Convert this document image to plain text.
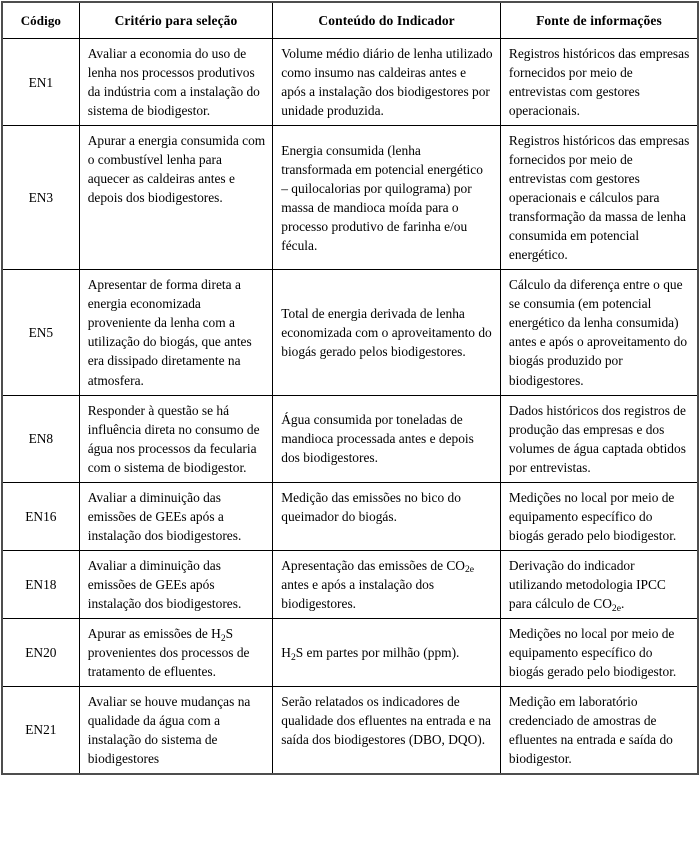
Código	Critério para seleção	Conteúdo do Indicador	Fonte de informações
EN1	Avaliar a economia do uso de lenha nos processos produtivos da indústria com a instalação do sistema de biodigestor.	Volume médio diário de lenha utilizado como insumo nas caldeiras antes e após a instalação dos biodigestores por unidade produzida.	Registros históricos das empresas fornecidos por meio de entrevistas com gestores operacionais.
EN3	Apurar a energia consumida com o combustível lenha para aquecer as caldeiras antes e depois dos biodigestores.	Energia consumida (lenha transformada em potencial energético – quilocalorias por quilograma) por massa de mandioca moída para o processo produtivo de farinha e/ou fécula.	Registros históricos das empresas fornecidos por meio de entrevistas com gestores operacionais e cálculos para transformação da massa de lenha consumida em potencial energético.
EN5	Apresentar de forma direta a energia economizada proveniente da lenha com a utilização do biogás, que antes era dissipado diretamente na atmosfera.	Total de energia derivada de lenha economizada com o aproveitamento do biogás gerado pelos biodigestores.	Cálculo da diferença entre o que se consumia (em potencial energético da lenha consumida) antes e após o aproveitamento do biogás produzido por biodigestores.
EN8	Responder à questão se há influência direta no consumo de água nos processos da fecularia com o sistema de biodigestor.	Água consumida por toneladas de mandioca processada antes e depois dos biodigestores.	Dados históricos dos registros de produção das empresas e dos volumes de água captada obtidos por entrevistas.
EN16	Avaliar a diminuição das emissões de GEEs após a instalação dos biodigestores.	Medição das emissões no bico do queimador do biogás.	Medições no local por meio de equipamento específico do biogás gerado pelo biodigestor.
EN18	Avaliar a diminuição das emissões de GEEs após instalação dos biodigestores.	Apresentação das emissões de $CO_{2e}$ antes e após a instalação dos biodigestores.	Derivação do indicador utilizando metodologia IPCC para cálculo de $CO_{2e}$.
EN20	Apurar as emissões de $H_2S$ provenientes dos processos de tratamento de efluentes.	$H_2S$ em partes por milhão (ppm).	Medições no local por meio de equipamento específico do biogás gerado pelo biodigestor.
EN21	Avaliar se houve mudanças na qualidade da água com a instalação do sistema de biodigestores	Serão relatados os indicadores de qualidade dos efluentes na entrada e na saída dos biodigestores (DBO, DQO).	Medição em laboratório credenciado de amostras de efluentes na entrada e saída do biodigestor.
